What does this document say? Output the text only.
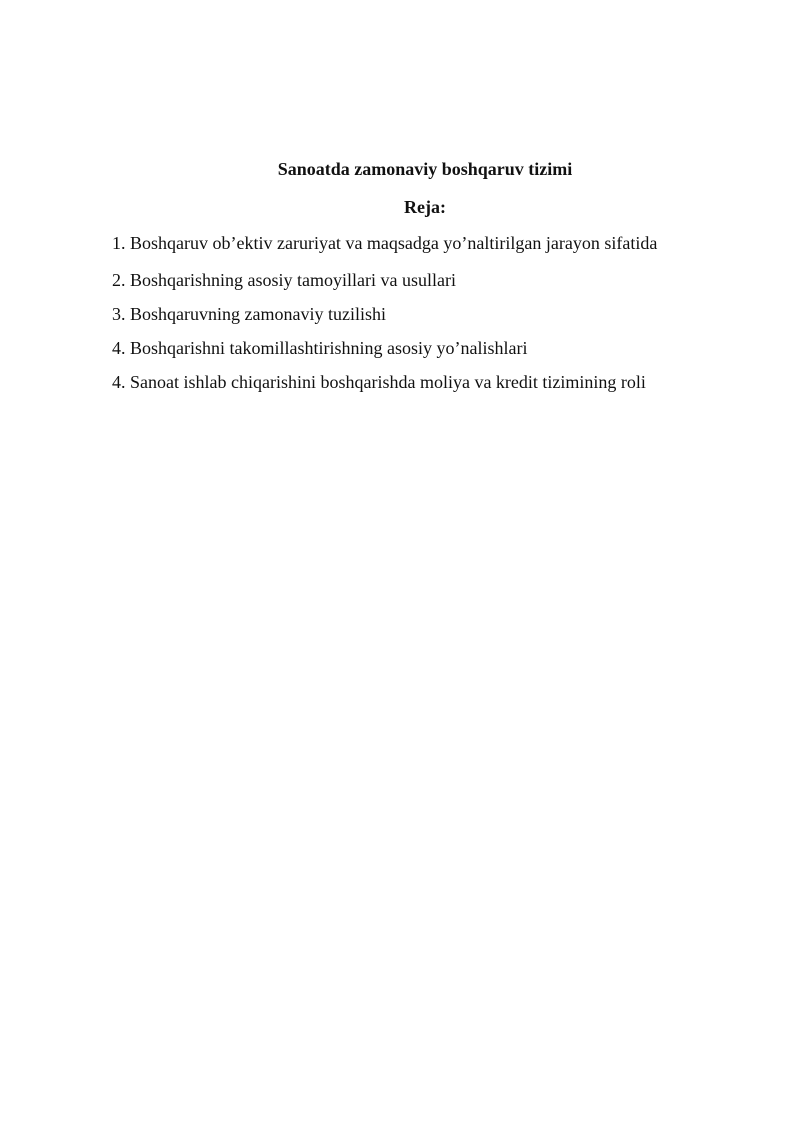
Sanoatda zamonaviy boshqaruv tizimi
Reja:
1. Boshqaruv ob’ektiv zaruriyat va maqsadga yo’naltirilgan jarayon sifatida
2. Boshqarishning asosiy tamoyillari va usullari
3. Boshqaruvning zamonaviy tuzilishi
4. Boshqarishni takomillashtirishning asosiy yo’nalishlari
4. Sanoat ishlab chiqarishini boshqarishda moliya va kredit tizimining roli
